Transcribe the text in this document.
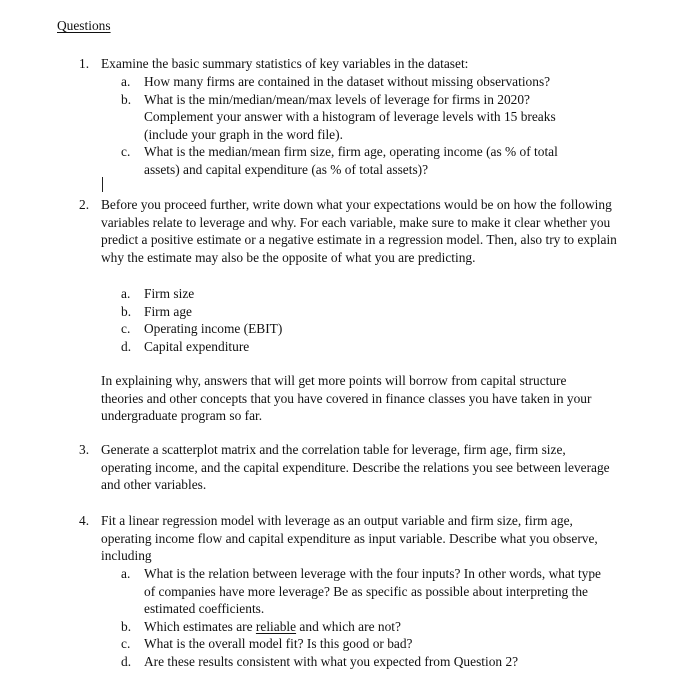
Questions
1. Examine the basic summary statistics of key variables in the dataset:
a. How many firms are contained in the dataset without missing observations?
b. What is the min/median/mean/max levels of leverage for firms in 2020? Complement your answer with a histogram of leverage levels with 15 breaks (include your graph in the word file).
c. What is the median/mean firm size, firm age, operating income (as % of total assets) and capital expenditure (as % of total assets)?
2. Before you proceed further, write down what your expectations would be on how the following variables relate to leverage and why. For each variable, make sure to make it clear whether you predict a positive estimate or a negative estimate in a regression model. Then, also try to explain why the estimate may also be the opposite of what you are predicting.
a. Firm size
b. Firm age
c. Operating income (EBIT)
d. Capital expenditure
In explaining why, answers that will get more points will borrow from capital structure theories and other concepts that you have covered in finance classes you have taken in your undergraduate program so far.
3. Generate a scatterplot matrix and the correlation table for leverage, firm age, firm size, operating income, and the capital expenditure. Describe the relations you see between leverage and other variables.
4. Fit a linear regression model with leverage as an output variable and firm size, firm age, operating income flow and capital expenditure as input variable. Describe what you observe, including
a. What is the relation between leverage with the four inputs? In other words, what type of companies have more leverage? Be as specific as possible about interpreting the estimated coefficients.
b. Which estimates are reliable and which are not?
c. What is the overall model fit? Is this good or bad?
d. Are these results consistent with what you expected from Question 2?
